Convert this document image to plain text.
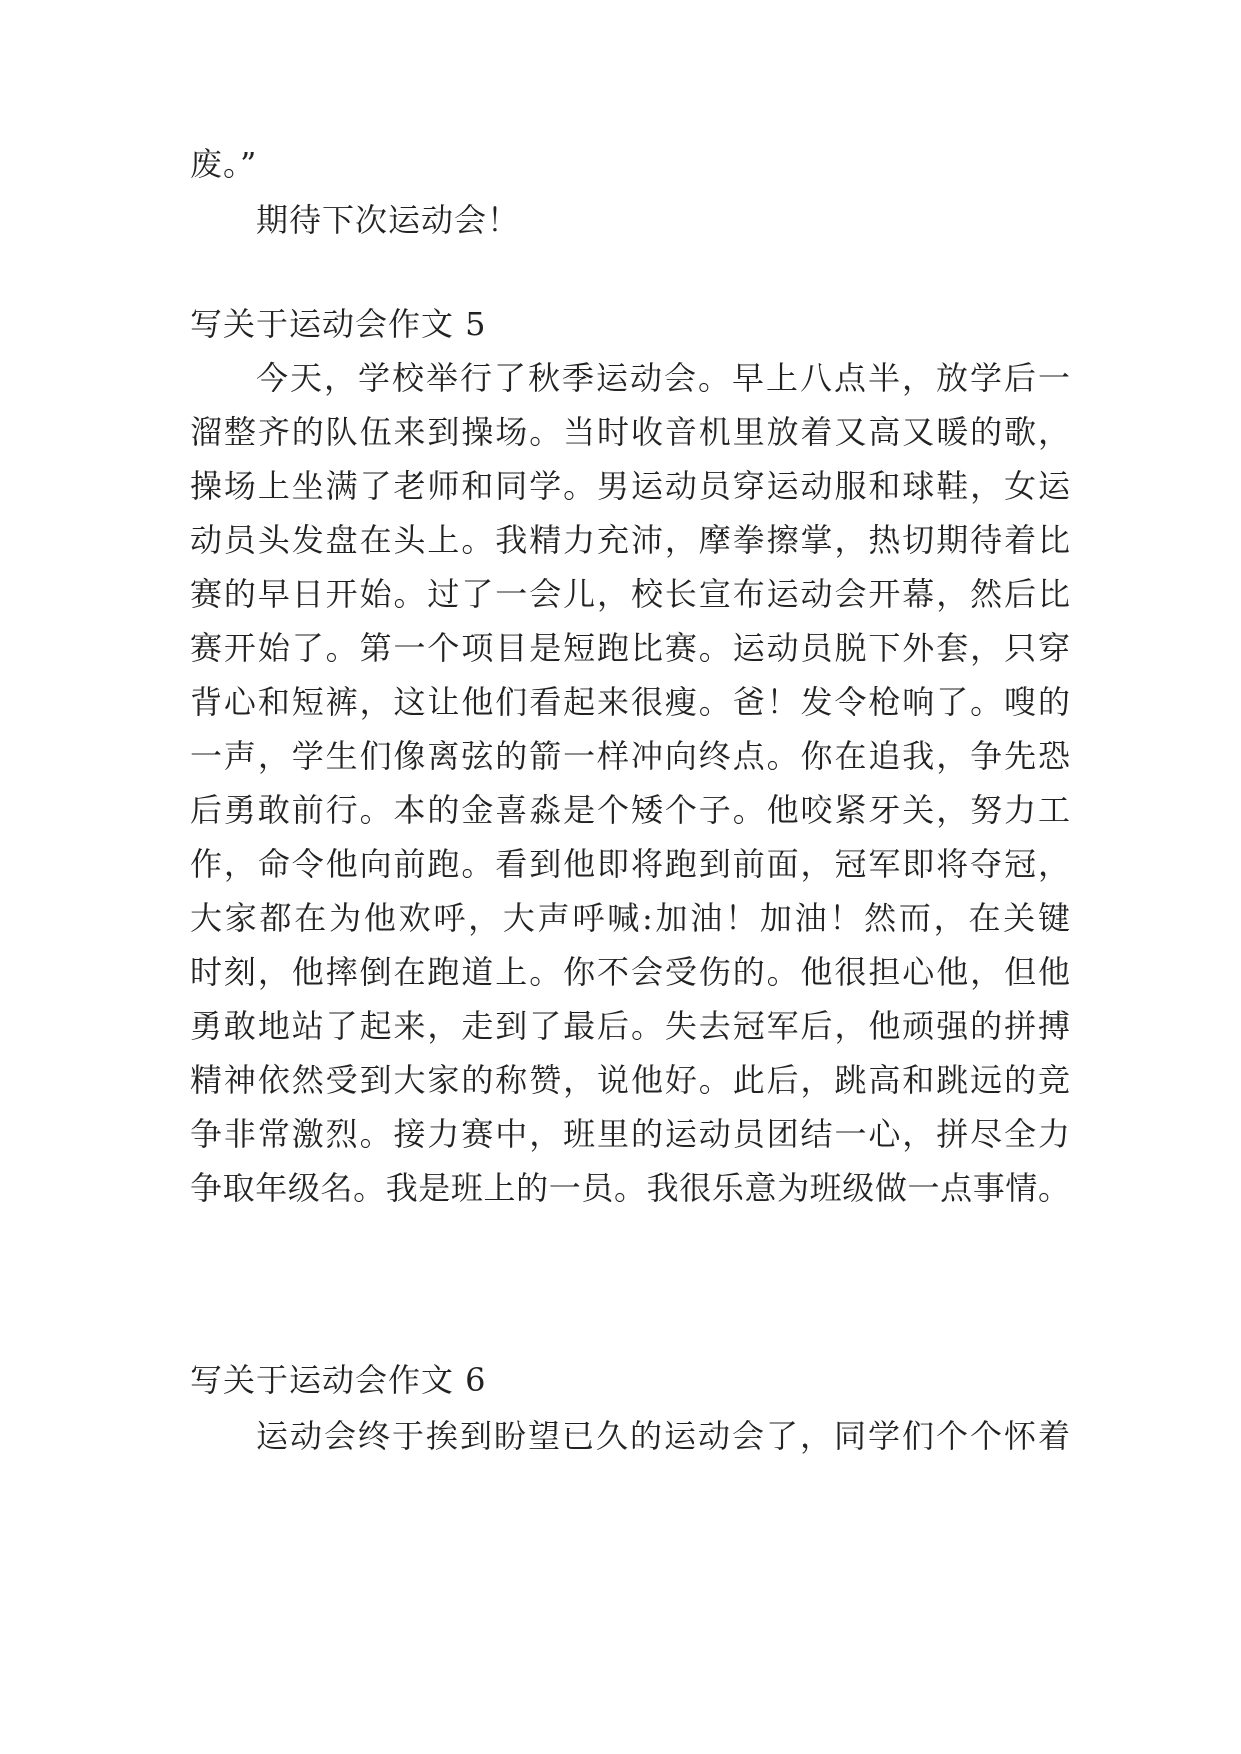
废。”
期待下次运动会！
写关于运动会作文 5
今天，学校举行了秋季运动会。早上八点半，放学后一
溜整齐的队伍来到操场。当时收音机里放着又高又暖的歌，
操场上坐满了老师和同学。男运动员穿运动服和球鞋，女运
动员头发盘在头上。我精力充沛，摩拳擦掌，热切期待着比
赛的早日开始。过了一会儿，校长宣布运动会开幕，然后比
赛开始了。第一个项目是短跑比赛。运动员脱下外套，只穿
背心和短裤，这让他们看起来很瘦。爸！发令枪响了。嗖的
一声，学生们像离弦的箭一样冲向终点。你在追我，争先恐
后勇敢前行。本的金喜淼是个矮个子。他咬紧牙关，努力工
作，命令他向前跑。看到他即将跑到前面，冠军即将夺冠，
大家都在为他欢呼，大声呼喊:加油！加油！然而，在关键
时刻，他摔倒在跑道上。你不会受伤的。他很担心他，但他
勇敢地站了起来，走到了最后。失去冠军后，他顽强的拼搏
精神依然受到大家的称赞，说他好。此后，跳高和跳远的竞
争非常激烈。接力赛中，班里的运动员团结一心，拼尽全力
争取年级名。我是班上的一员。我很乐意为班级做一点事情。
写关于运动会作文 6
运动会终于挨到盼望已久的运动会了，同学们个个怀着
